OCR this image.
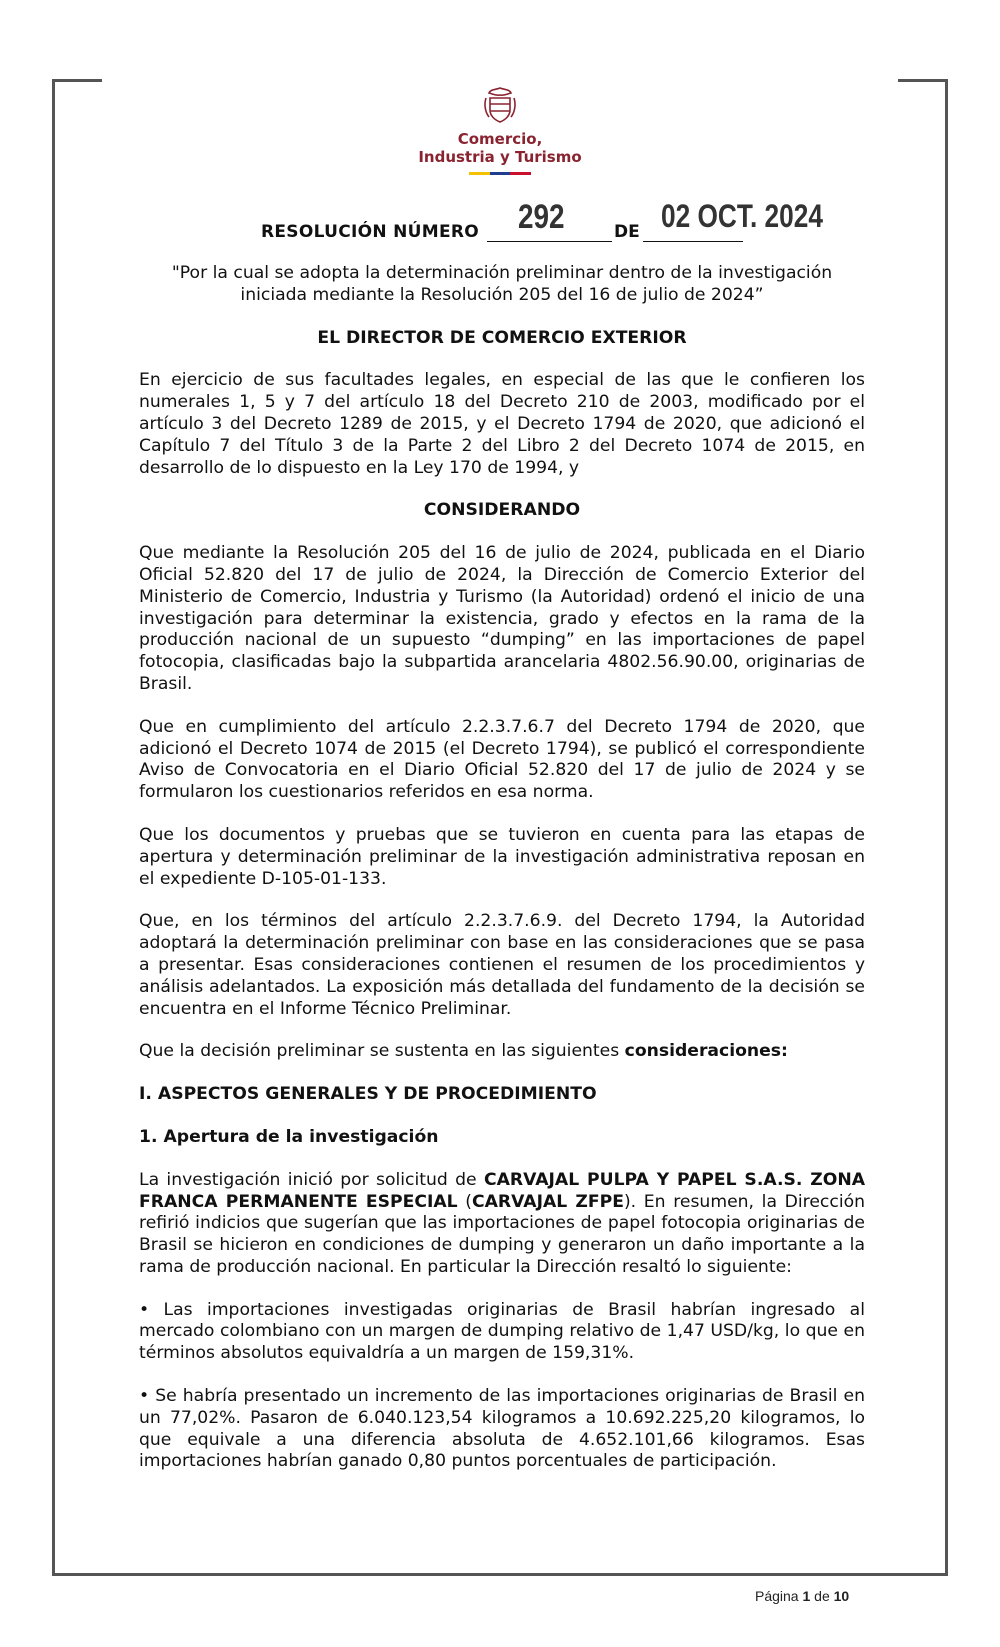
Comercio,
Industria y Turismo
RESOLUCIÓN NÚMERO 292	DE 02 OCT. 2024

"Por la cual se adopta la determinación preliminar dentro de la investigación

iniciada mediante la Resolución 205 del 16 de julio de 2024”

EL DIRECTOR DE COMERCIO EXTERIOR

En ejercicio de sus facultades legales, en especial de las que le confieren los numerales 1, 5 y 7 del artículo 18 del Decreto 210 de 2003, modificado por el artículo 3 del Decreto 1289 de 2015, y el Decreto 1794 de 2020, que adicionó el Capítulo 7 del Título 3 de la Parte 2 del Libro 2 del Decreto 1074 de 2015, en desarrollo de lo dispuesto en la Ley 170 de 1994, y

CONSIDERANDO

Que mediante la Resolución 205 del 16 de julio de 2024, publicada en el Diario Oficial 52.820 del 17 de julio de 2024, la Dirección de Comercio Exterior del Ministerio de Comercio, Industria y Turismo (la Autoridad) ordenó el inicio de una investigación para determinar la existencia, grado y efectos en la rama de la producción nacional de un supuesto “dumping” en las importaciones de papel fotocopia, clasificadas bajo la subpartida arancelaria 4802.56.90.00, originarias de Brasil.

Que en cumplimiento del artículo 2.2.3.7.6.7 del Decreto 1794 de 2020, que adicionó el Decreto 1074 de 2015 (el Decreto 1794), se publicó el correspondiente Aviso de Convocatoria en el Diario Oficial 52.820 del 17 de julio de 2024 y se formularon los cuestionarios referidos en esa norma.

Que los documentos y pruebas que se tuvieron en cuenta para las etapas de apertura y determinación preliminar de la investigación administrativa reposan en el expediente D-105-01-133.

Que, en los términos del artículo 2.2.3.7.6.9. del Decreto 1794, la Autoridad adoptará la determinación preliminar con base en las consideraciones que se pasa a presentar. Esas consideraciones contienen el resumen de los procedimientos y análisis adelantados. La exposición más detallada del fundamento de la decisión se encuentra en el Informe Técnico Preliminar.

Que la decisión preliminar se sustenta en las siguientes consideraciones:

I. ASPECTOS GENERALES Y DE PROCEDIMIENTO

1. Apertura de la investigación

La investigación inició por solicitud de CARVAJAL PULPA Y PAPEL S.A.S. ZONA FRANCA PERMANENTE ESPECIAL (CARVAJAL ZFPE). En resumen, la Dirección refirió indicios que sugerían que las importaciones de papel fotocopia originarias de Brasil se hicieron en condiciones de dumping y generaron un daño importante a la rama de producción nacional. En particular la Dirección resaltó lo siguiente:

• Las importaciones investigadas originarias de Brasil habrían ingresado al mercado colombiano con un margen de dumping relativo de 1,47 USD/kg, lo que en términos absolutos equivaldría a un margen de 159,31%.

• Se habría presentado un incremento de las importaciones originarias de Brasil en un 77,02%. Pasaron de 6.040.123,54 kilogramos a 10.692.225,20 kilogramos, lo que equivale a una diferencia absoluta de 4.652.101,66 kilogramos. Esas importaciones habrían ganado 0,80 puntos porcentuales de participación.

Página 1 de 10
